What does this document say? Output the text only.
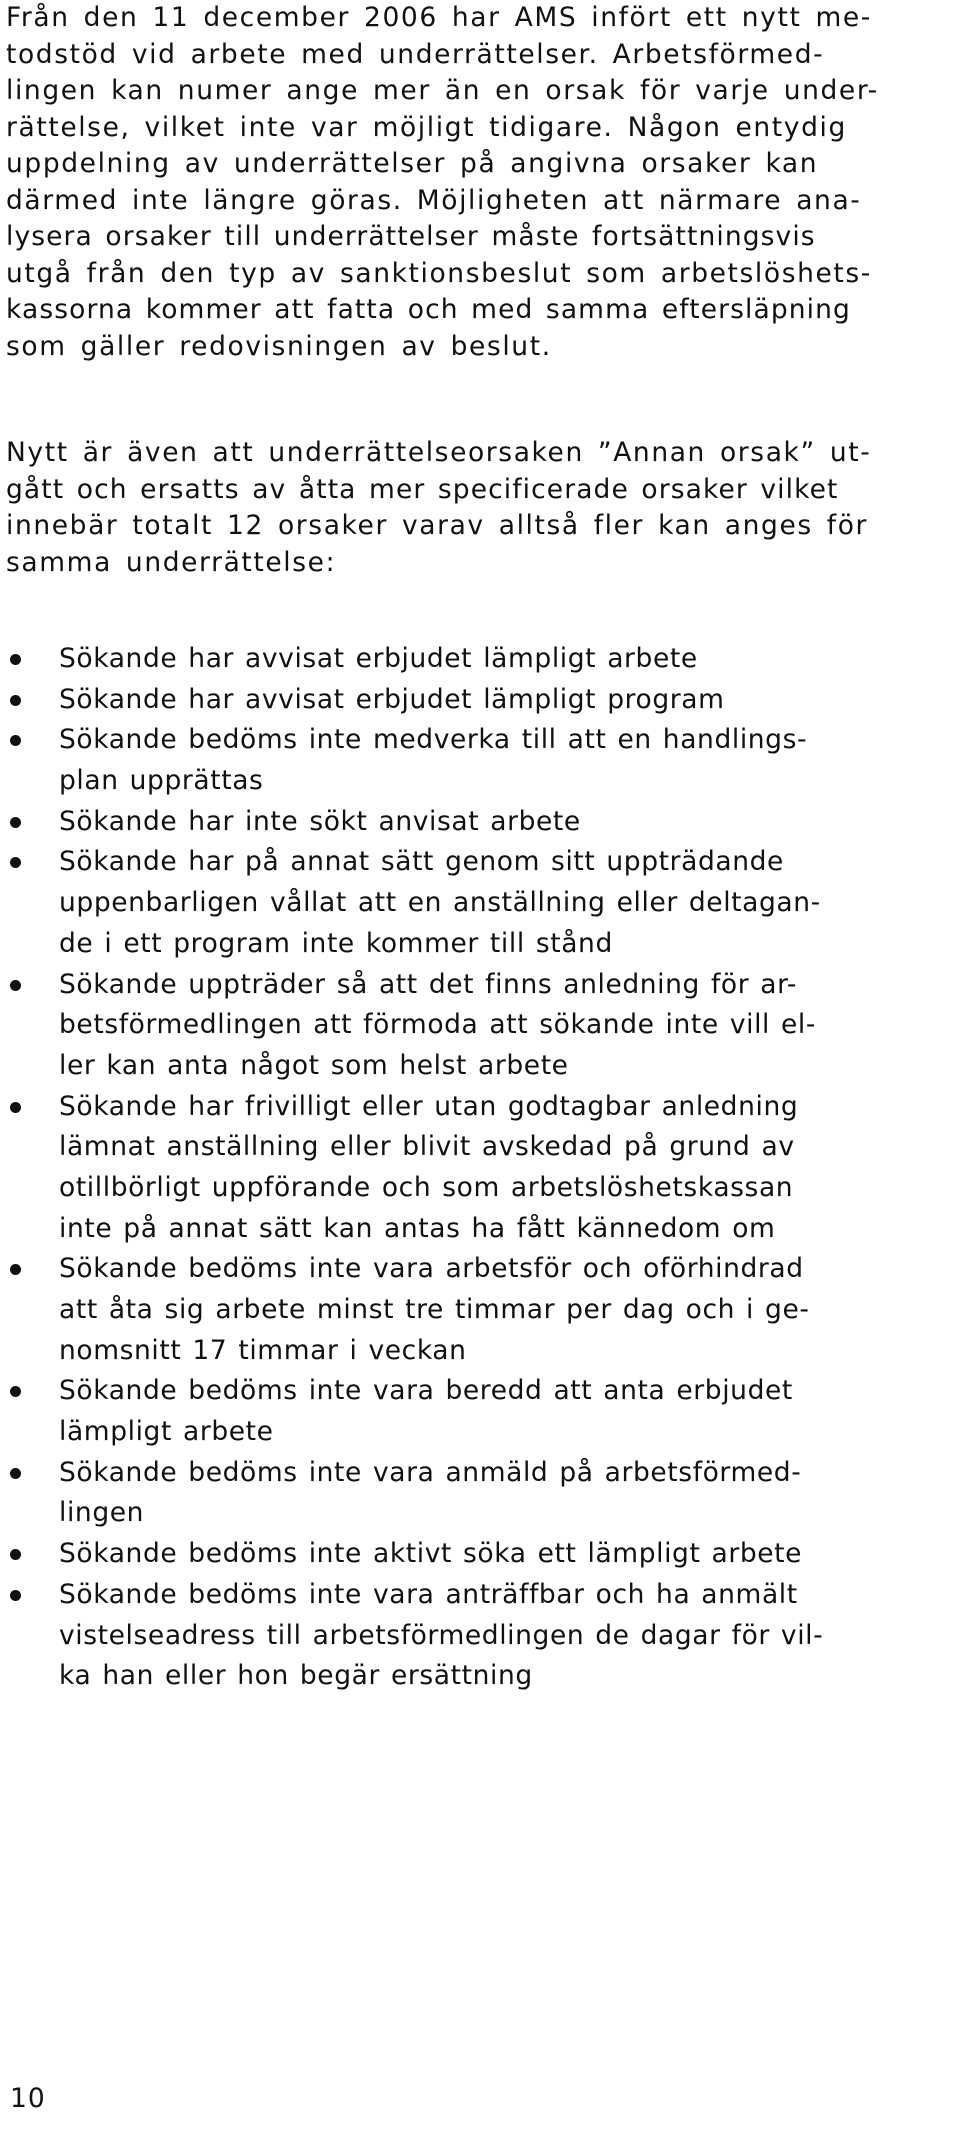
Från den 11 december 2006 har AMS infört ett nytt me-
todstöd vid arbete med underrättelser. Arbetsförmed-
lingen kan numer ange mer än en orsak för varje under-
rättelse, vilket inte var möjligt tidigare. Någon entydig
uppdelning av underrättelser på angivna orsaker kan
därmed inte längre göras. Möjligheten att närmare ana-
lysera orsaker till underrättelser måste fortsättningsvis
utgå från den typ av sanktionsbeslut som arbetslöshets-
kassorna kommer att fatta och med samma eftersläpning
som gäller redovisningen av beslut.
Nytt är även att underrättelseorsaken ”Annan orsak” ut-
gått och ersatts av åtta mer specificerade orsaker vilket
innebär totalt 12 orsaker varav alltså fler kan anges för
samma underrättelse:
Sökande har avvisat erbjudet lämpligt arbete
Sökande har avvisat erbjudet lämpligt program
Sökande bedöms inte medverka till att en handlings-
plan upprättas
Sökande har inte sökt anvisat arbete
Sökande har på annat sätt genom sitt uppträdande
uppenbarligen vållat att en anställning eller deltagan-
de i ett program inte kommer till stånd
Sökande uppträder så att det finns anledning för ar-
betsförmedlingen att förmoda att sökande inte vill el-
ler kan anta något som helst arbete
Sökande har frivilligt eller utan godtagbar anledning
lämnat anställning eller blivit avskedad på grund av
otillbörligt uppförande och som arbetslöshetskassan
inte på annat sätt kan antas ha fått kännedom om
Sökande bedöms inte vara arbetsför och oförhindrad
att åta sig arbete minst tre timmar per dag och i ge-
nomsnitt 17 timmar i veckan
Sökande bedöms inte vara beredd att anta erbjudet
lämpligt arbete
Sökande bedöms inte vara anmäld på arbetsförmed-
lingen
Sökande bedöms inte aktivt söka ett lämpligt arbete
Sökande bedöms inte vara anträffbar och ha anmält
vistelseadress till arbetsförmedlingen de dagar för vil-
ka han eller hon begär ersättning
10
